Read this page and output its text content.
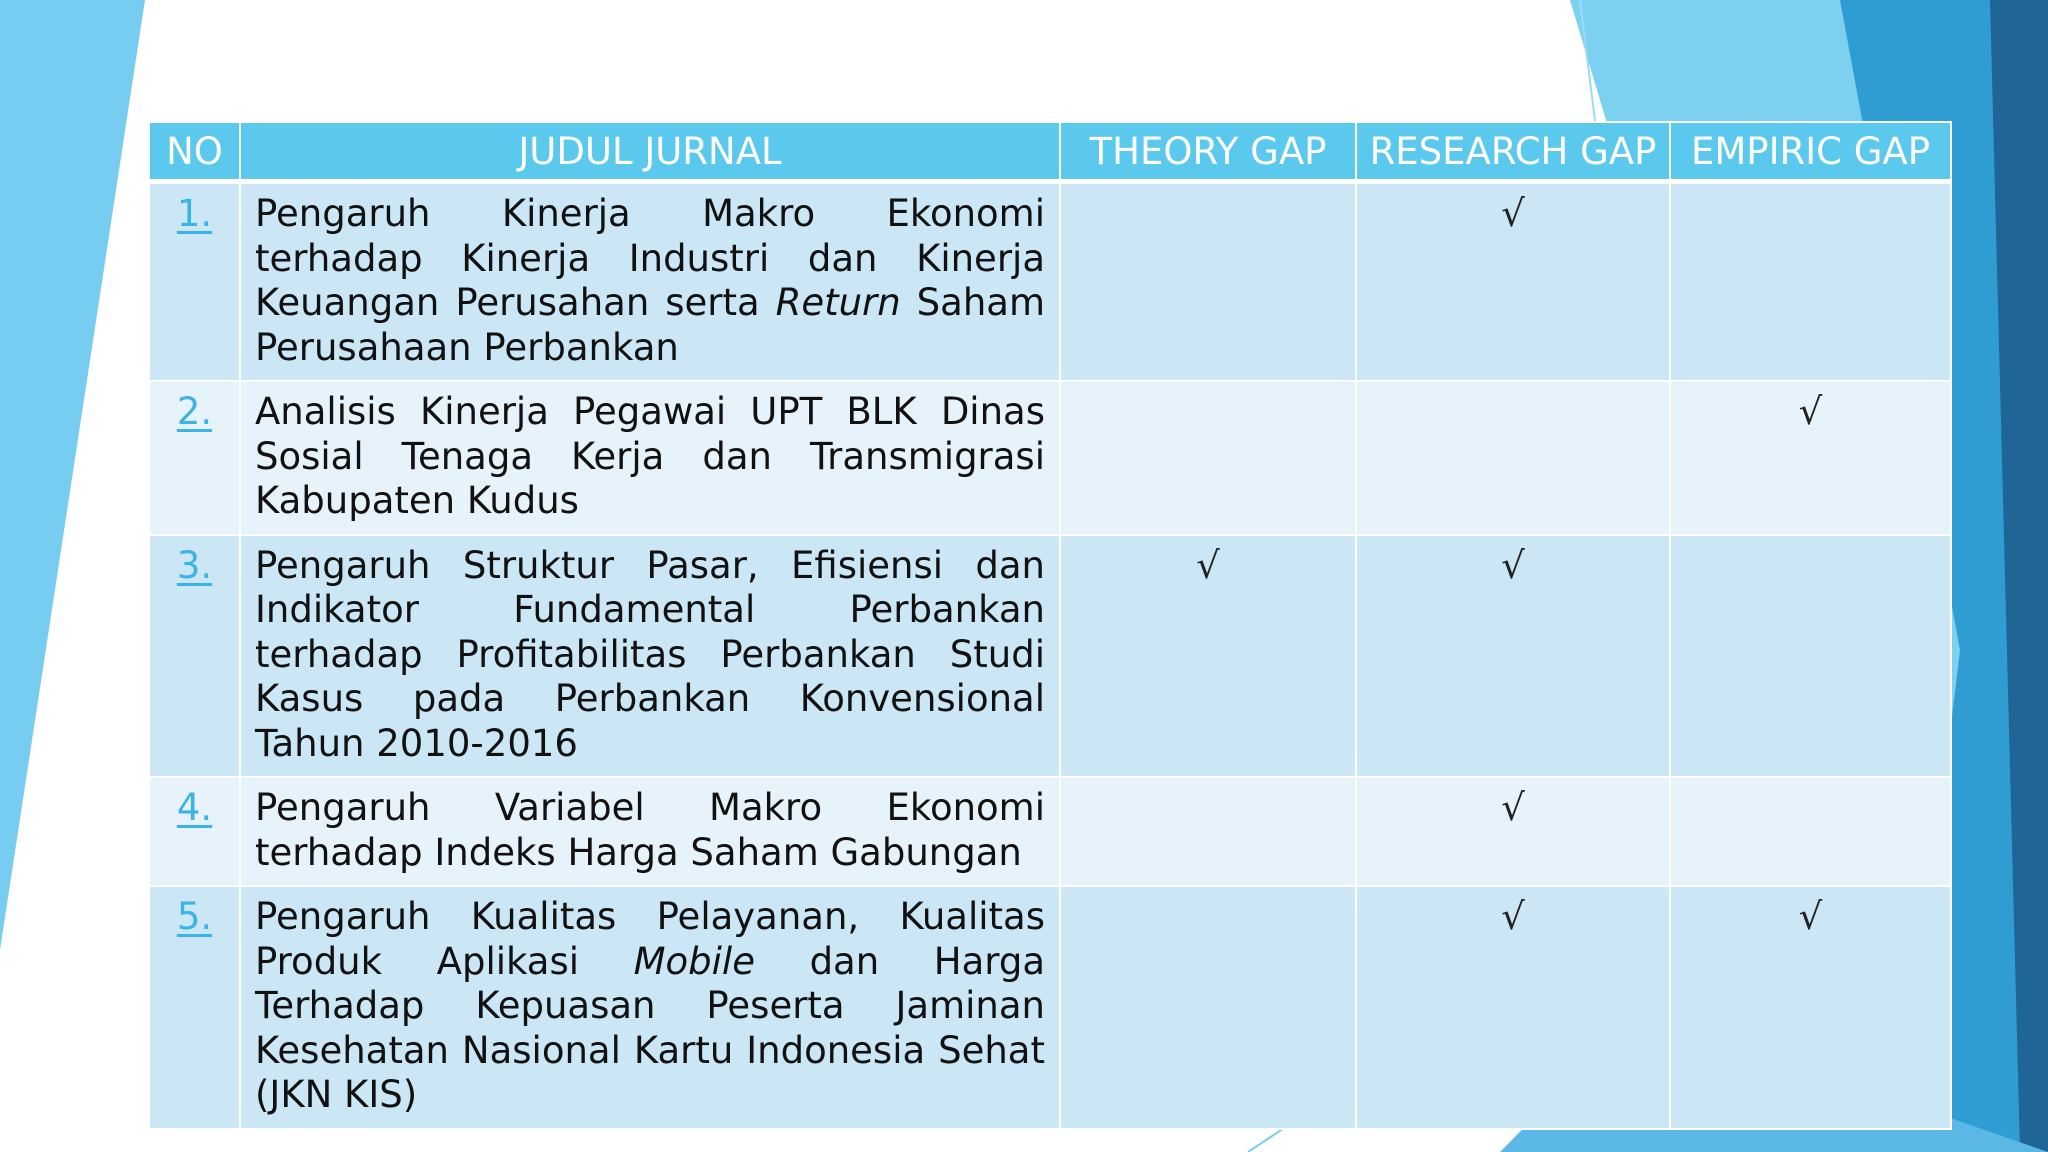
NO	JUDUL JURNAL	THEORY GAP	RESEARCH GAP	EMPIRIC GAP
1.	Pengaruh Kinerja Makro Ekonomi terhadap Kinerja Industri dan Kinerja Keuangan Perusahan serta Return Saham Perusahaan Perbankan		√	
2.	Analisis Kinerja Pegawai UPT BLK Dinas Sosial Tenaga Kerja dan Transmigrasi Kabupaten Kudus			√
3.	Pengaruh Struktur Pasar, Efisiensi dan Indikator Fundamental Perbankan terhadap Profitabilitas Perbankan Studi Kasus pada Perbankan Konvensional Tahun 2010-2016	√	√	
4.	Pengaruh Variabel Makro Ekonomi terhadap Indeks Harga Saham Gabungan		√	
5.	Pengaruh Kualitas Pelayanan, Kualitas Produk Aplikasi Mobile dan Harga Terhadap Kepuasan Peserta Jaminan Kesehatan Nasional Kartu Indonesia Sehat (JKN KIS)		√	√
